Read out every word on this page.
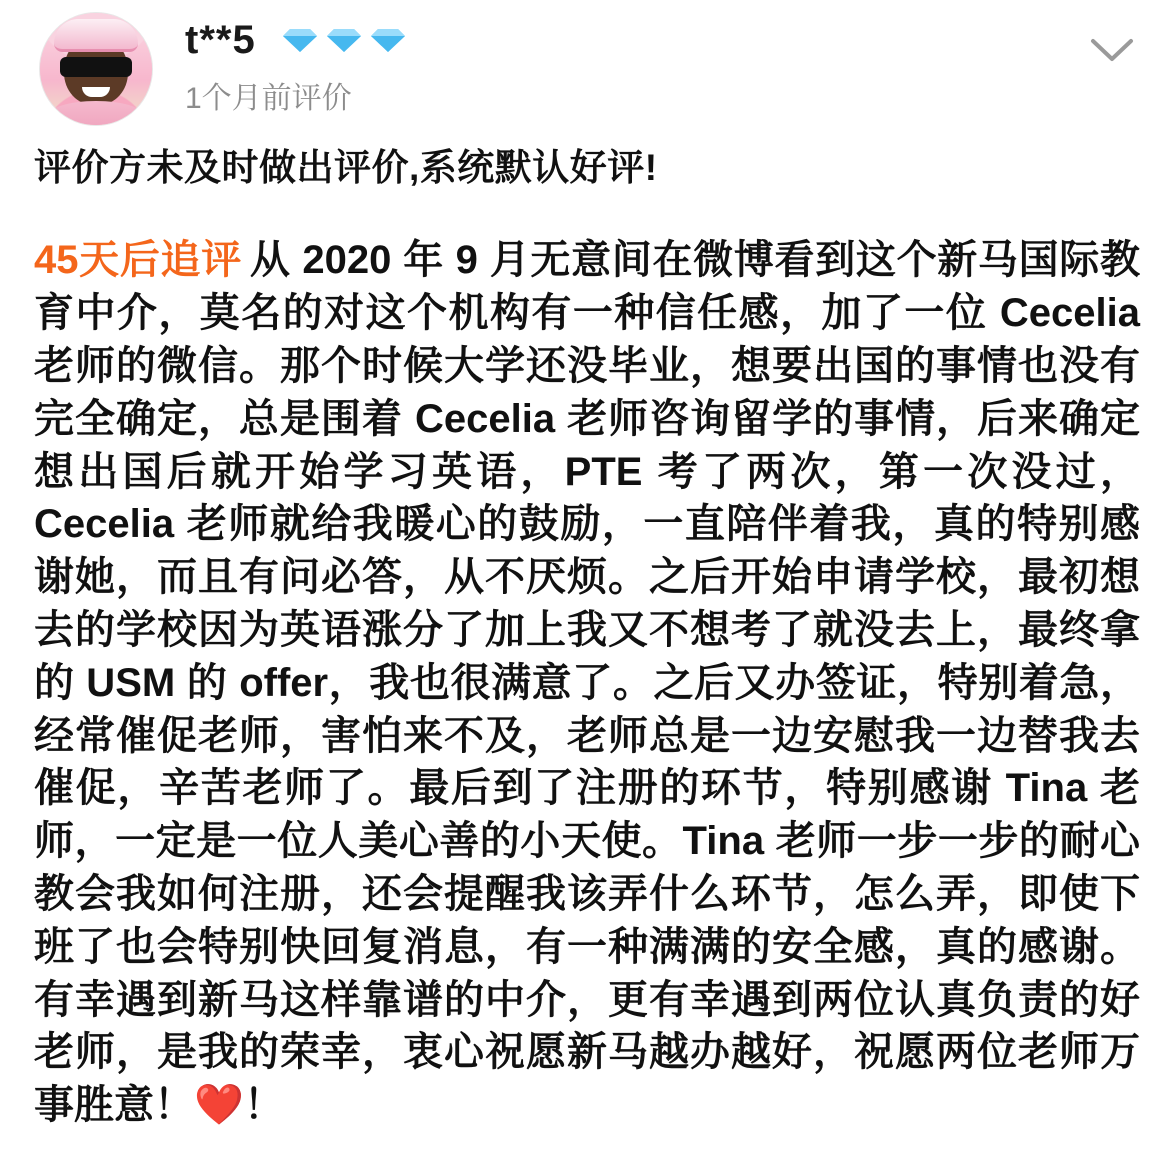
t**5
1个月前评价
评价方未及时做出评价,系统默认好评!
45天后追评 从 2020 年 9 月无意间在微博看到这个新马国际教育中介，莫名的对这个机构有一种信任感，加了一位 Cecelia 老师的微信。那个时候大学还没毕业，想要出国的事情也没有完全确定，总是围着 Cecelia 老师咨询留学的事情，后来确定想出国后就开始学习英语，PTE 考了两次，第一次没过，Cecelia 老师就给我暖心的鼓励，一直陪伴着我，真的特别感谢她，而且有问必答，从不厌烦。之后开始申请学校，最初想去的学校因为英语涨分了加上我又不想考了就没去上，最终拿的 USM 的 offer，我也很满意了。之后又办签证，特别着急，经常催促老师，害怕来不及，老师总是一边安慰我一边替我去催促，辛苦老师了。最后到了注册的环节，特别感谢 Tina 老师，一定是一位人美心善的小天使。Tina 老师一步一步的耐心教会我如何注册，还会提醒我该弄什么环节，怎么弄，即使下班了也会特别快回复消息，有一种满满的安全感，真的感谢。有幸遇到新马这样靠谱的中介，更有幸遇到两位认真负责的好老师，是我的荣幸，衷心祝愿新马越办越好，祝愿两位老师万事胜意！❤️！
